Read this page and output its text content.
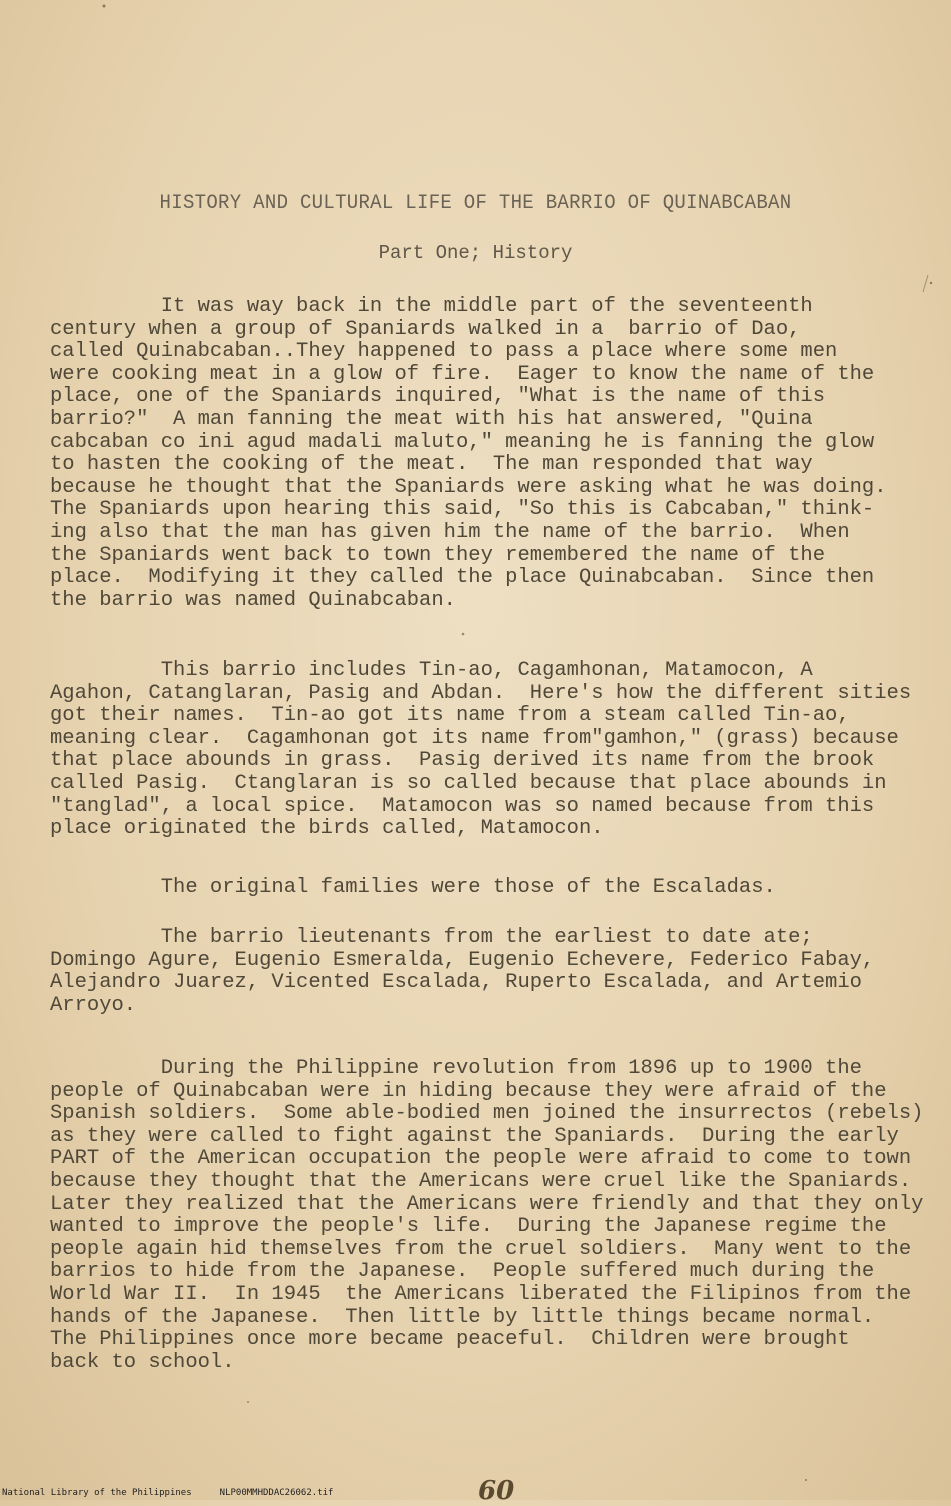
HISTORY AND CULTURAL LIFE OF THE BARRIO OF QUINABCABAN
Part One; History
It was way back in the middle part of the seventeenth
century when a group of Spaniards walked in a  barrio of Dao,
called Quinabcaban..They happened to pass a place where some men
were cooking meat in a glow of fire.  Eager to know the name of the
place, one of the Spaniards inquired, "What is the name of this
barrio?"  A man fanning the meat with his hat answered, "Quina
cabcaban co ini agud madali maluto," meaning he is fanning the glow
to hasten the cooking of the meat.  The man responded that way
because he thought that the Spaniards were asking what he was doing.
The Spaniards upon hearing this said, "So this is Cabcaban," think-
ing also that the man has given him the name of the barrio.  When
the Spaniards went back to town they remembered the name of the
place.  Modifying it they called the place Quinabcaban.  Since then
the barrio was named Quinabcaban.
This barrio includes Tin-ao, Cagamhonan, Matamocon, A
Agahon, Catanglaran, Pasig and Abdan.  Here's how the different sities
got their names.  Tin-ao got its name from a steam called Tin-ao,
meaning clear.  Cagamhonan got its name from"gamhon," (grass) because
that place abounds in grass.  Pasig derived its name from the brook
called Pasig.  Ctanglaran is so called because that place abounds in
"tanglad", a local spice.  Matamocon was so named because from this
place originated the birds called, Matamocon.
The original families were those of the Escaladas.
The barrio lieutenants from the earliest to date ate;
Domingo Agure, Eugenio Esmeralda, Eugenio Echevere, Federico Fabay,
Alejandro Juarez, Vicented Escalada, Ruperto Escalada, and Artemio
Arroyo.
During the Philippine revolution from 1896 up to 1900 the
people of Quinabcaban were in hiding because they were afraid of the
Spanish soldiers.  Some able-bodied men joined the insurrectos (rebels)
as they were called to fight against the Spaniards.  During the early
PART of the American occupation the people were afraid to come to town
because they thought that the Americans were cruel like the Spaniards.
Later they realized that the Americans were friendly and that they only
wanted to improve the people's life.  During the Japanese regime the
people again hid themselves from the cruel soldiers.  Many went to the
barrios to hide from the Japanese.  People suffered much during the
World War II.  In 1945  the Americans liberated the Filipinos from the
hands of the Japanese.  Then little by little things became normal.
The Philippines once more became peaceful.  Children were brought
back to school.
60
National Library of the Philippines	NLP00MMHDDAC26062.tif
